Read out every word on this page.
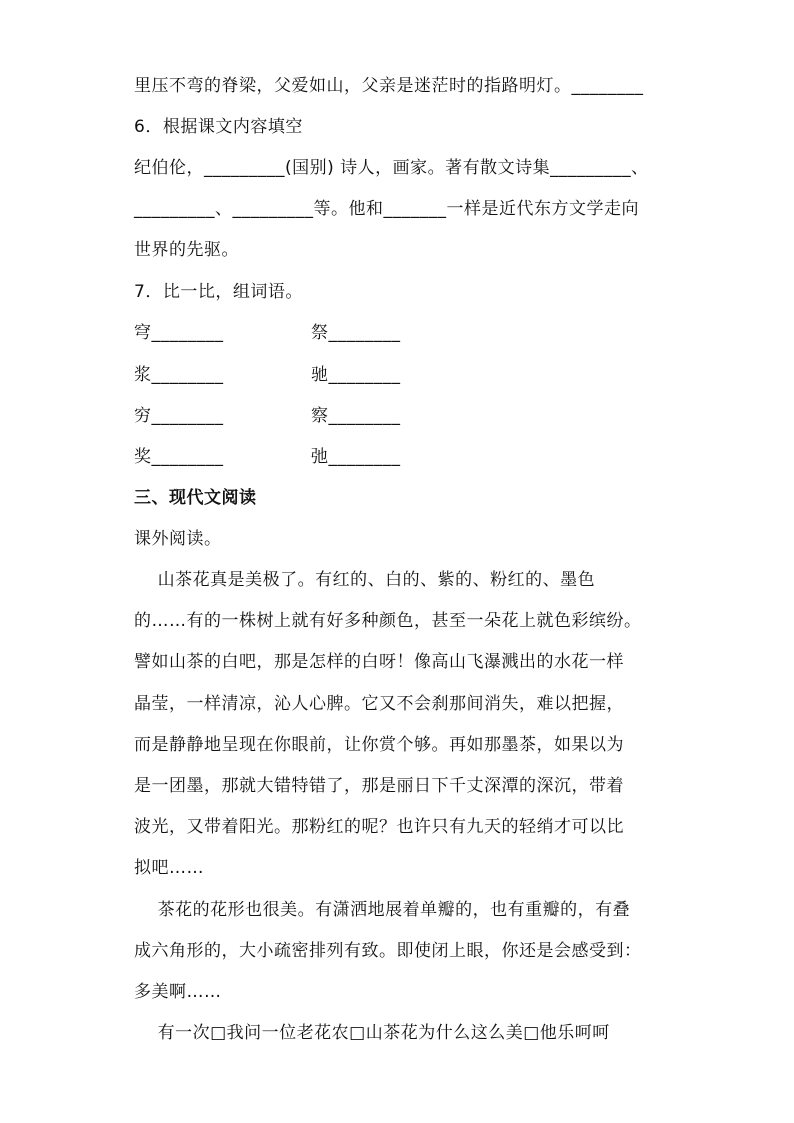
里压不弯的脊梁，父爱如山，父亲是迷茫时的指路明灯。________
6．根据课文内容填空
纪伯伦，_________(国别) 诗人，画家。著有散文诗集_________、
_________、_________等。他和_______一样是近代东方文学走向
世界的先驱。
7．比一比，组词语。
穹________	祭________
浆________	驰________
穷________	察________
奖________	弛________
三、现代文阅读
课外阅读。
山茶花真是美极了。有红的、白的、紫的、粉红的、墨色
的……有的一株树上就有好多种颜色，甚至一朵花上就色彩缤纷。
譬如山茶的白吧，那是怎样的白呀！像高山飞瀑溅出的水花一样
晶莹，一样清凉，沁人心脾。它又不会刹那间消失，难以把握，
而是静静地呈现在你眼前，让你赏个够。再如那墨茶，如果以为
是一团墨，那就大错特错了，那是丽日下千丈深潭的深沉，带着
波光，又带着阳光。那粉红的呢？也许只有九天的轻绡才可以比
拟吧……
茶花的花形也很美。有潇洒地展着单瓣的，也有重瓣的，有叠
成六角形的，大小疏密排列有致。即使闭上眼，你还是会感受到：
多美啊……
有一次□我问一位老花农□山茶花为什么这么美□他乐呵呵
